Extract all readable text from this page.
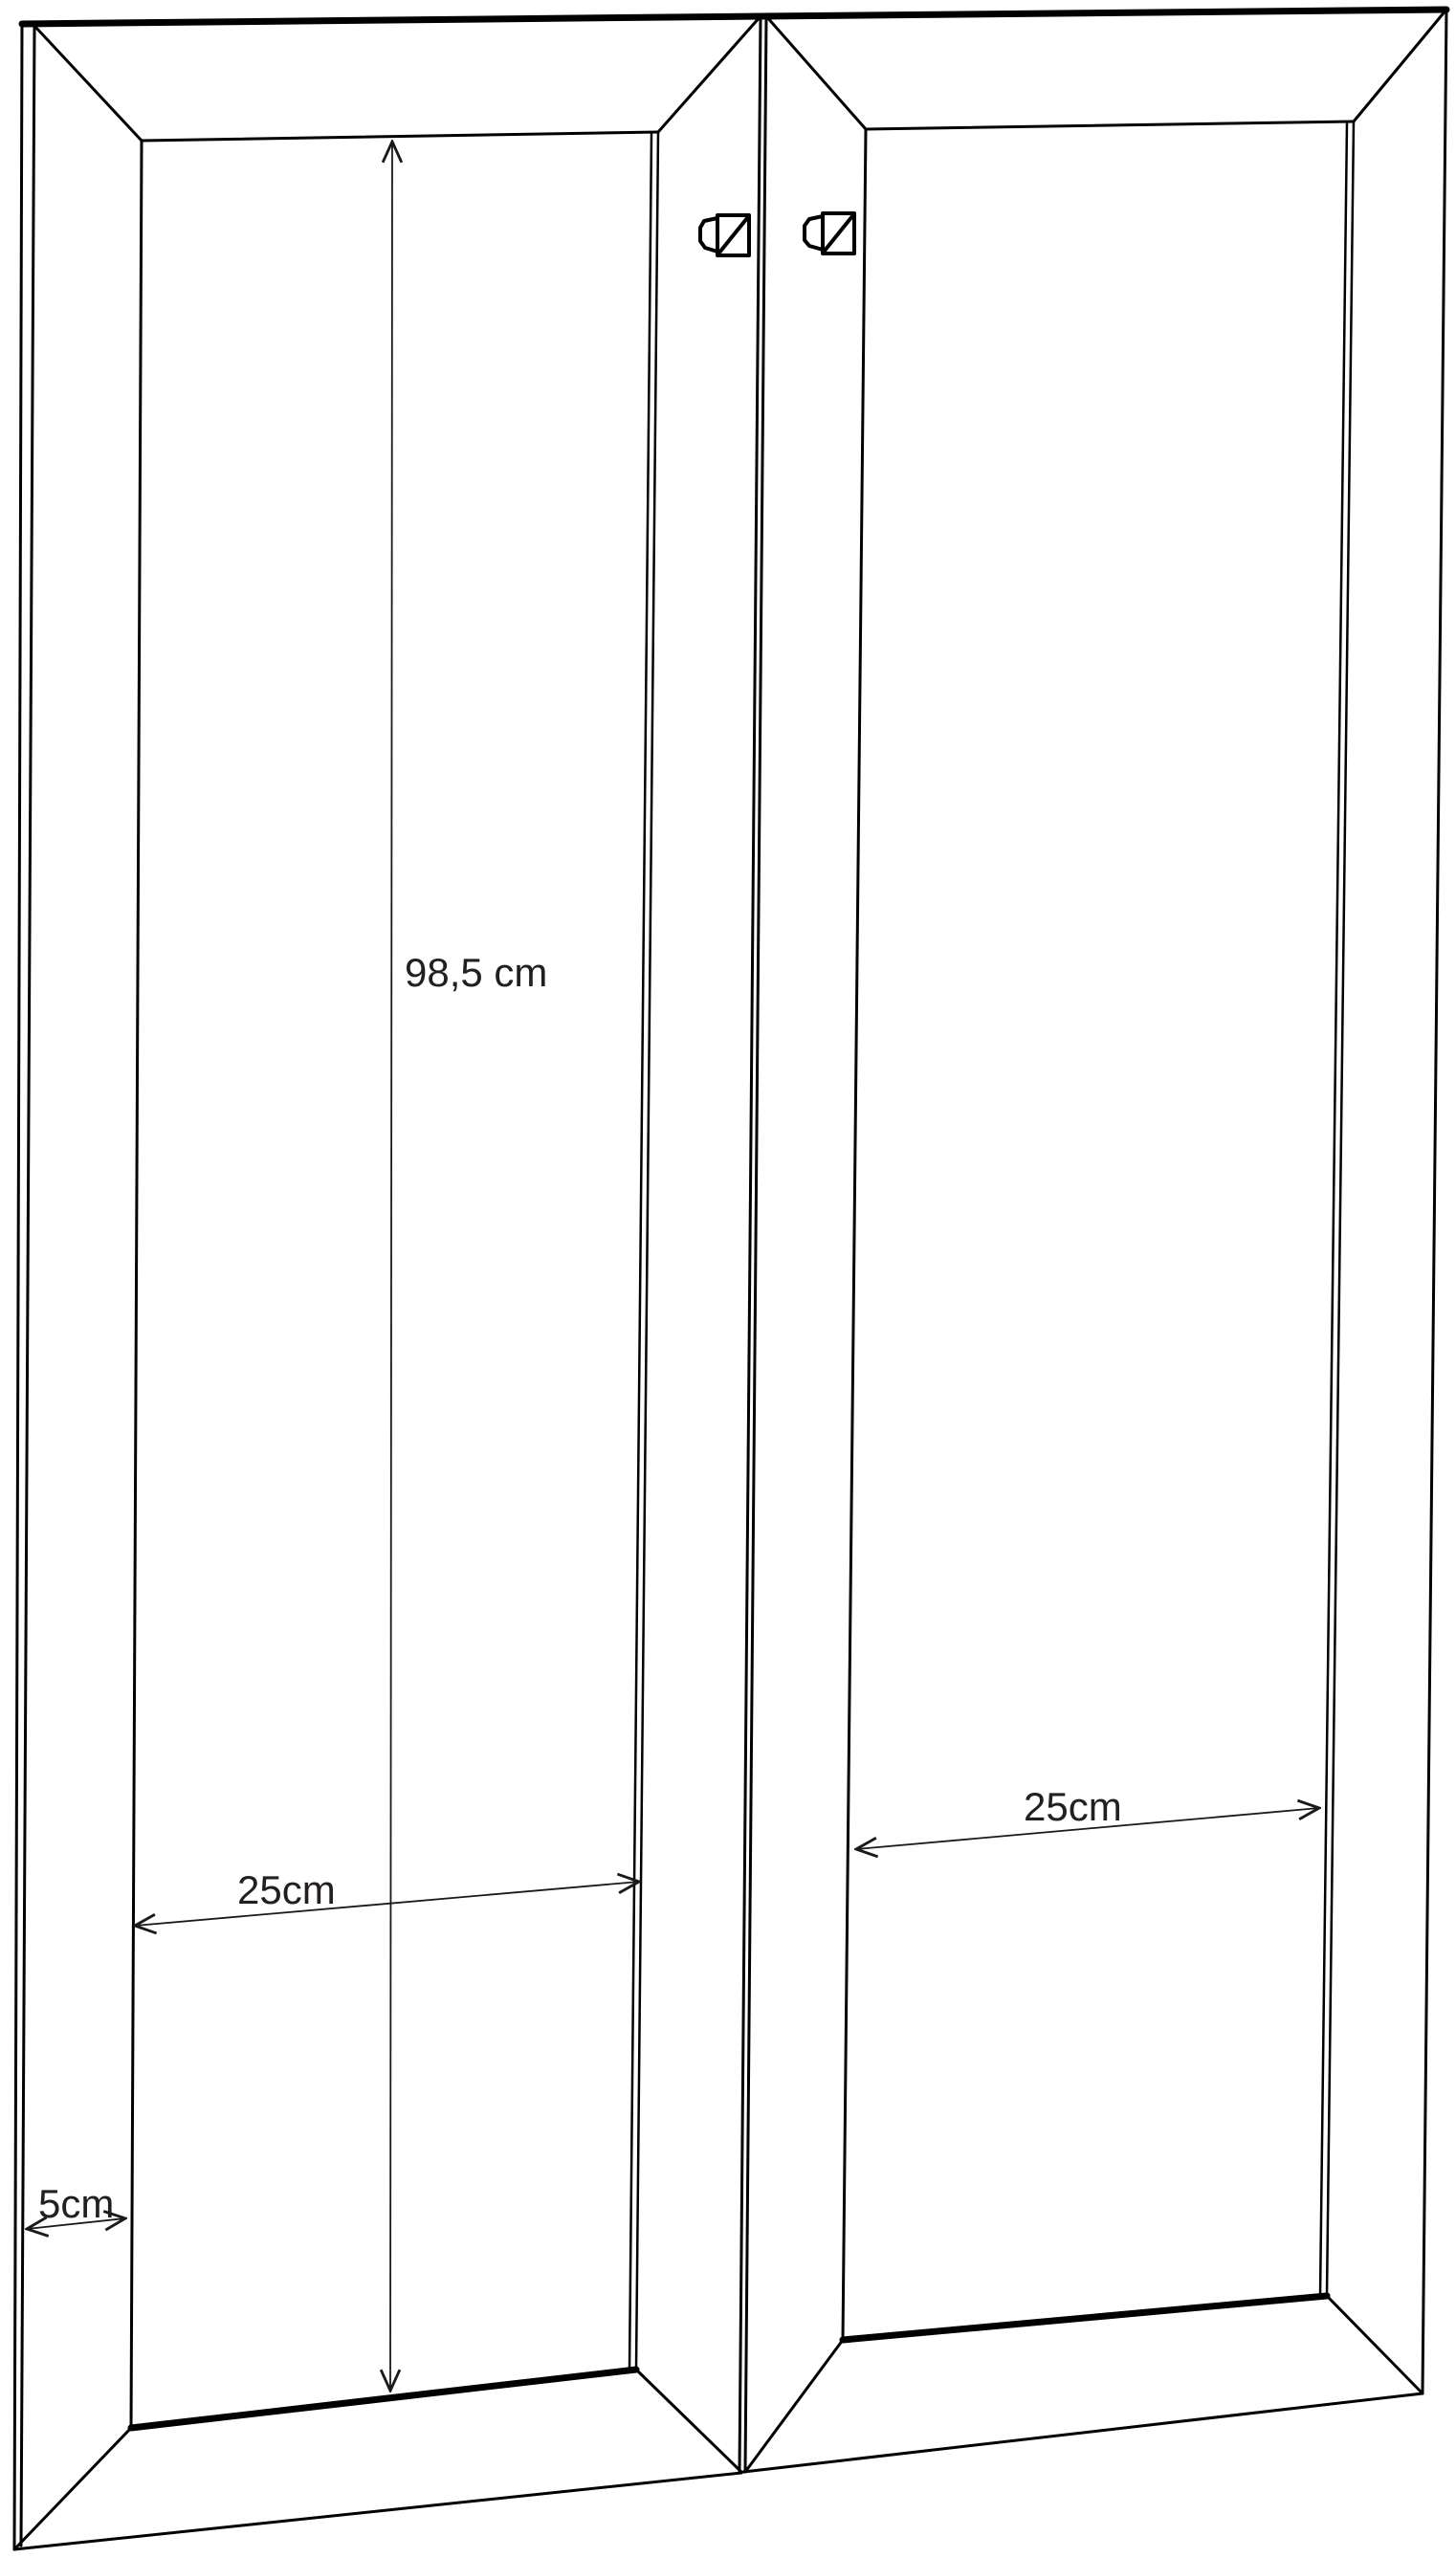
98,5 cm
25cm
25cm
5cm
